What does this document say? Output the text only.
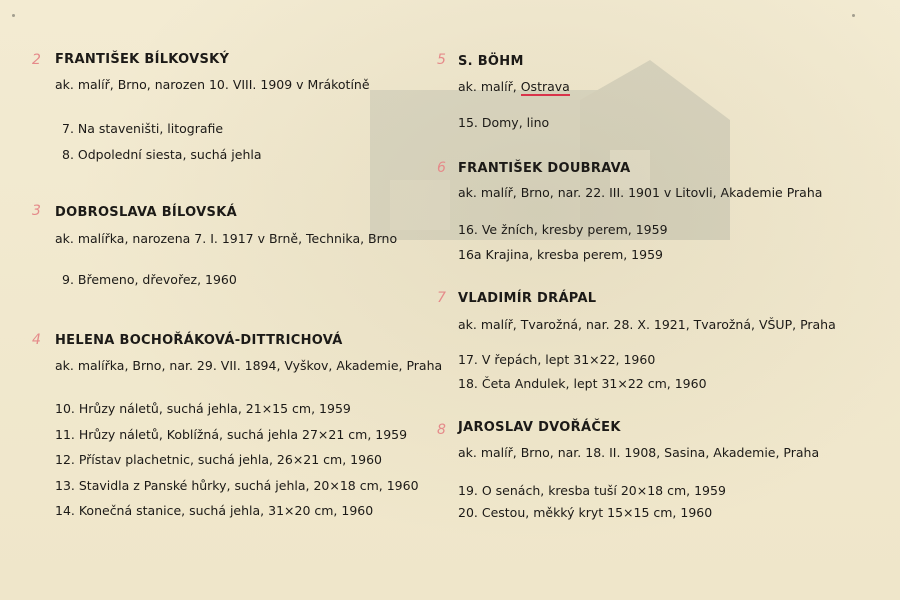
2 FRANTIŠEK BÍLKOVSKÝ
ak. malíř, Brno, narozen 10. VIII. 1909 v Mrákotíně
7. Na staveništi, litografie
8. Odpolední siesta, suchá jehla
3 DOBROSLAVA BÍLOVSKÁ
ak. malířka, narozena 7. I. 1917 v Brně, Technika, Brno
9. Břemeno, dřevořez, 1960
4 HELENA BOCHOŘÁKOVÁ-DITTRICHOVÁ
ak. malířka, Brno, nar. 29. VII. 1894, Vyškov, Akademie, Praha
10. Hrůzy náletů, suchá jehla, 21×15 cm, 1959
11. Hrůzy náletů, Koblížná, suchá jehla 27×21 cm, 1959
12. Přístav plachetnic, suchá jehla, 26×21 cm, 1960
13. Stavidla z Panské hůrky, suchá jehla, 20×18 cm, 1960
14. Konečná stanice, suchá jehla, 31×20 cm, 1960
5 S. BÖHM
ak. malíř, Ostrava
15. Domy, lino
6 FRANTIŠEK DOUBRAVA
ak. malíř, Brno, nar. 22. III. 1901 v Litovli, Akademie Praha
16. Ve žních, kresby perem, 1959
16a Krajina, kresba perem, 1959
7 VLADIMÍR DRÁPAL
ak. malíř, Tvarožná, nar. 28. X. 1921, Tvarožná, VŠUP, Praha
17. V řepách, lept 31×22, 1960
18. Četa Andulek, lept 31×22 cm, 1960
8 JAROSLAV DVOŘÁČEK
ak. malíř, Brno, nar. 18. II. 1908, Sasina, Akademie, Praha
19. O senách, kresba tuší 20×18 cm, 1959
20. Cestou, měkký kryt 15×15 cm, 1960
